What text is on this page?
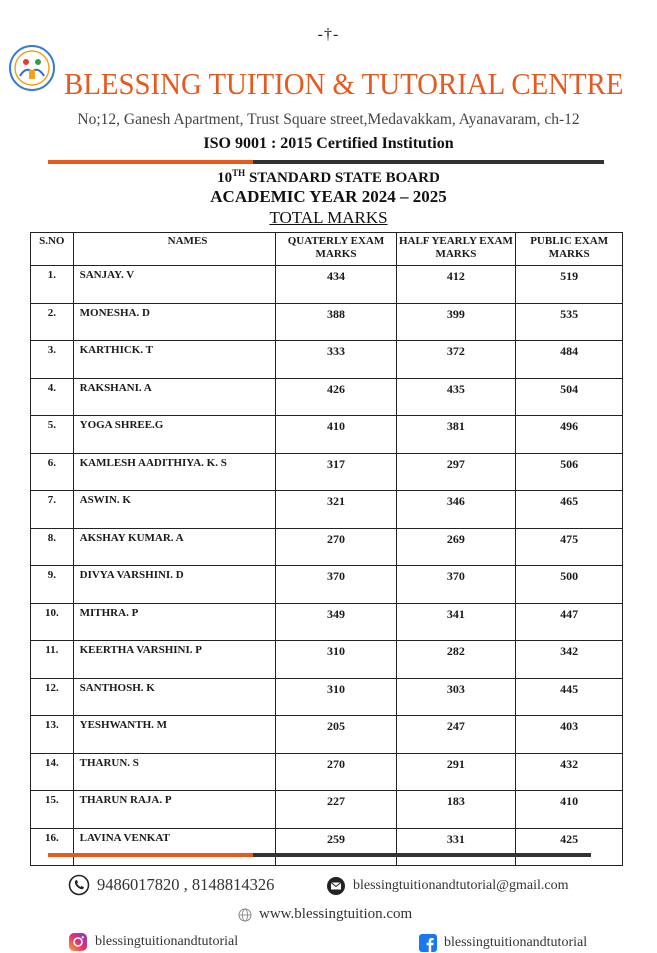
-†-
BLESSING TUITION & TUTORIAL CENTRE
No;12, Ganesh Apartment, Trust Square street,Medavakkam, Ayanavaram, ch-12
ISO 9001 : 2015 Certified Institution
10TH STANDARD STATE BOARD
ACADEMIC YEAR 2024 – 2025
TOTAL MARKS
S.NO	NAMES	QUATERLY EXAM MARKS	HALF YEARLY EXAM MARKS	PUBLIC EXAM MARKS
1.	SANJAY. V	434	412	519
2.	MONESHA. D	388	399	535
3.	KARTHICK. T	333	372	484
4.	RAKSHANI. A	426	435	504
5.	YOGA SHREE.G	410	381	496
6.	KAMLESH AADITHIYA. K. S	317	297	506
7.	ASWIN. K	321	346	465
8.	AKSHAY KUMAR. A	270	269	475
9.	DIVYA VARSHINI. D	370	370	500
10.	MITHRA. P	349	341	447
11.	KEERTHA VARSHINI. P	310	282	342
12.	SANTHOSH. K	310	303	445
13.	YESHWANTH. M	205	247	403
14.	THARUN. S	270	291	432
15.	THARUN RAJA. P	227	183	410
16.	LAVINA VENKAT	259	331	425
9486017820 , 8148814326	blessingtuitionandtutorial@gmail.com
www.blessingtuition.com
blessingtuitionandtutorial	blessingtuitionandtutorial
